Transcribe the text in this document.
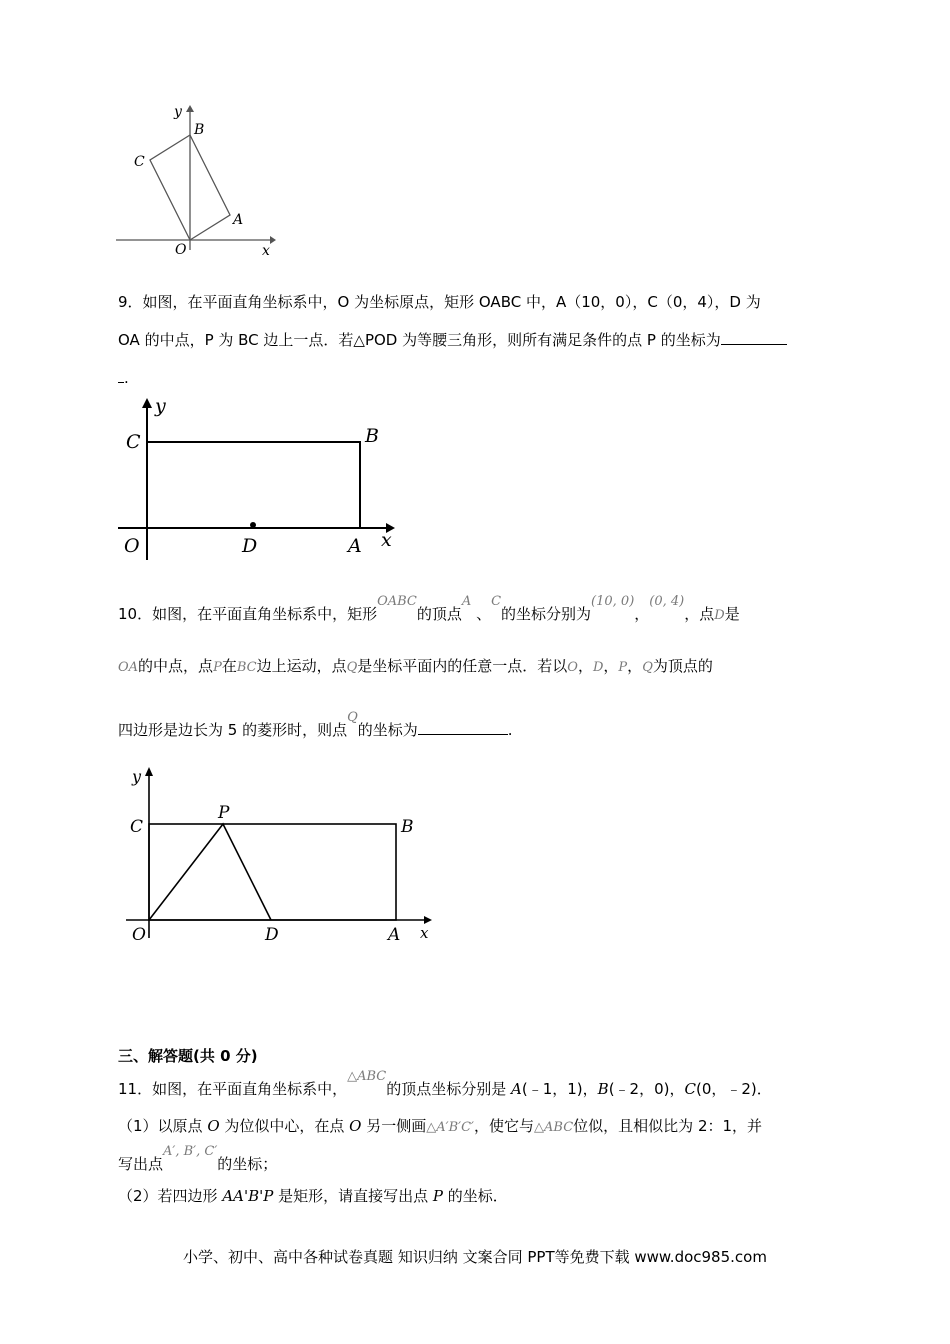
y
B
C
A
O	x
9．如图，在平面直角坐标系中，O 为坐标原点，矩形 OABC 中，A（10，0），C（0，4），D 为
OA 的中点，P 为 BC 边上一点．若△POD 为等腰三角形，则所有满足条件的点 P 的坐标为
.
y
C	B
O	D	A x
10．如图，在平面直角坐标系中，矩形OABC的顶点A 、C的坐标分别为(10, 0)，(0, 4)，点D是
OA的中点，点P在BC边上运动，点Q是坐标平面内的任意一点．若以O，D，P，Q为顶点的
四边形是边长为 5 的菱形时，则点Q的坐标为	.
y
C
P
B
O	D	A x
三、解答题(共 0 分)
11．如图，在平面直角坐标系中，△ABC的顶点坐标分别是 A(﹣1，1)，B(﹣2，0)，C(0，﹣2)．
（1）以原点 O 为位似中心，在点 O 另一侧画△A′B′C′，使它与△ABC位似，且相似比为 2：1，并
写出点A′, B′, C′的坐标；
（2）若四边形 AA'B'P 是矩形，请直接写出点 P 的坐标．
小学、初中、高中各种试卷真题 知识归纳 文案合同 PPT等免费下载 www.doc985.com
